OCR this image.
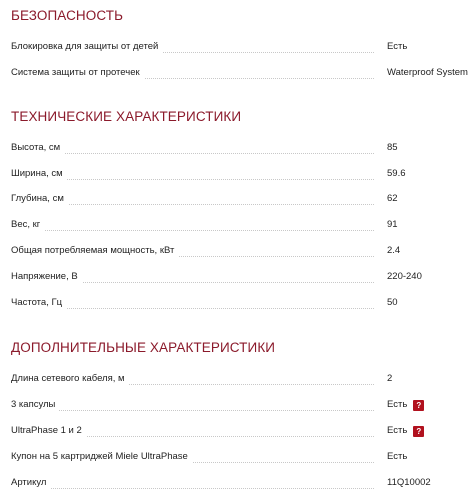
БЕЗОПАСНОСТЬ
Блокировка для защиты от детей	Есть
Система защиты от протечек	Waterproof System
ТЕХНИЧЕСКИЕ ХАРАКТЕРИСТИКИ
Высота, см	85
Ширина, см	59.6
Глубина, см	62
Вес, кг	91
Общая потребляемая мощность, кВт	2.4
Напряжение, В	220-240
Частота, Гц	50
ДОПОЛНИТЕЛЬНЫЕ ХАРАКТЕРИСТИКИ
Длина сетевого кабеля, м	2
3 капсулы	Есть ?
UltraPhase 1 и 2	Есть ?
Купон на 5 картриджей Miele UltraPhase	Есть
Артикул	11Q10002
